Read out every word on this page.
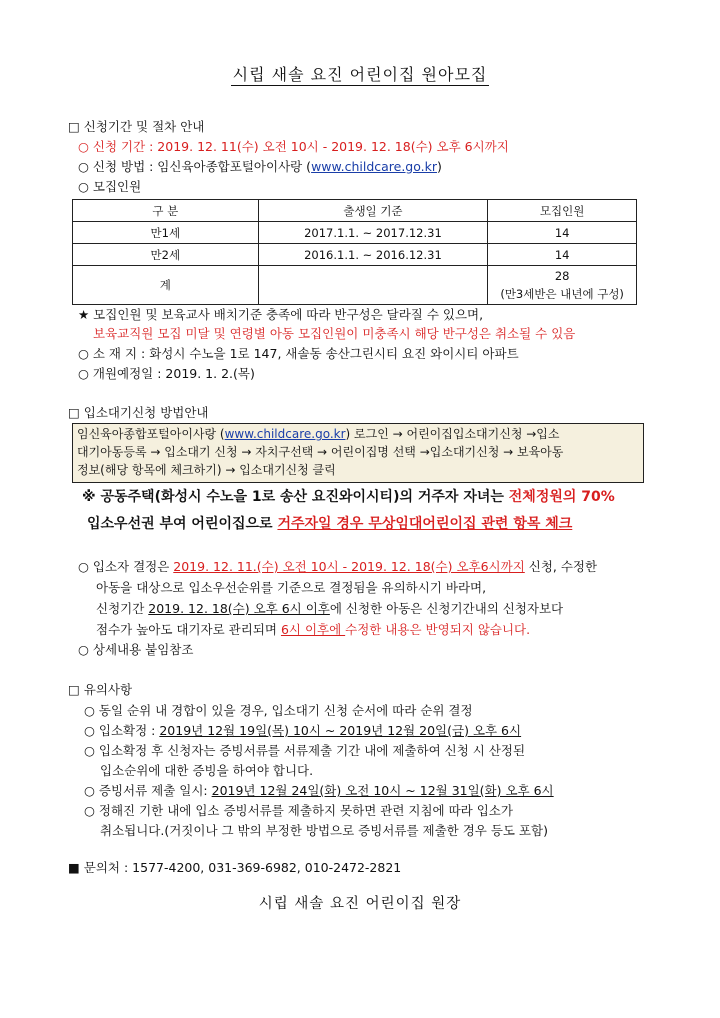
시립 새솔 요진 어린이집 원아모집
□ 신청기간 및 절차 안내
○ 신청 기간 : 2019. 12. 11(수) 오전 10시 - 2019. 12. 18(수) 오후 6시까지
○ 신청 방법 : 임신육아종합포털아이사랑 (www.childcare.go.kr)
○ 모집인원
구 분	출생일 기준	모집인원
만1세	2017.1.1. ~ 2017.12.31	14
만2세	2016.1.1. ~ 2016.12.31	14
계		28
(만3세반은 내년에 구성)
★ 모집인원 및 보육교사 배치기준 충족에 따라 반구성은 달라질 수 있으며,
보육교직원 모집 미달 및 연령별 아동 모집인원이 미충족시 해당 반구성은 취소될 수 있음
○ 소 재 지 : 화성시 수노을 1로 147, 새솔동 송산그린시티 요진 와이시티 아파트
○ 개원예정일 : 2019. 1. 2.(목)
□ 입소대기신청 방법안내
임신육아종합포털아이사랑 (www.childcare.go.kr) 로그인 → 어린이집입소대기신청 →입소
대기아동등록 → 입소대기 신청 → 자치구선택 → 어린이집명 선택 →입소대기신청 → 보육아동
정보(해당 항목에 체크하기) → 입소대기신청 클릭
※ 공동주택(화성시 수노을 1로 송산 요진와이시티)의 거주자 자녀는 전체정원의 70%
입소우선권 부여 어린이집으로 거주자일 경우 무상임대어린이집 관련 항목 체크
○ 입소자 결정은 2019. 12. 11.(수) 오전 10시 - 2019. 12. 18(수) 오후6시까지 신청, 수정한
아동을 대상으로 입소우선순위를 기준으로 결정됨을 유의하시기 바라며,
신청기간 2019. 12. 18(수) 오후 6시 이후에 신청한 아동은 신청기간내의 신청자보다
점수가 높아도 대기자로 관리되며 6시 이후에 수정한 내용은 반영되지 않습니다.
○ 상세내용 붙임참조
□ 유의사항
○ 동일 순위 내 경합이 있을 경우, 입소대기 신청 순서에 따라 순위 결정
○ 입소확정 : 2019년 12월 19일(목) 10시 ~ 2019년 12월 20일(금) 오후 6시
○ 입소확정 후 신청자는 증빙서류를 서류제출 기간 내에 제출하여 신청 시 산정된
입소순위에 대한 증빙을 하여야 합니다.
○ 증빙서류 제출 일시: 2019년 12월 24일(화) 오전 10시 ~ 12월 31일(화) 오후 6시
○ 정해진 기한 내에 입소 증빙서류를 제출하지 못하면 관련 지침에 따라 입소가
취소됩니다.(거짓이나 그 밖의 부정한 방법으로 증빙서류를 제출한 경우 등도 포함)
■ 문의처 : 1577-4200, 031-369-6982, 010-2472-2821
시립 새솔 요진 어린이집 원장
